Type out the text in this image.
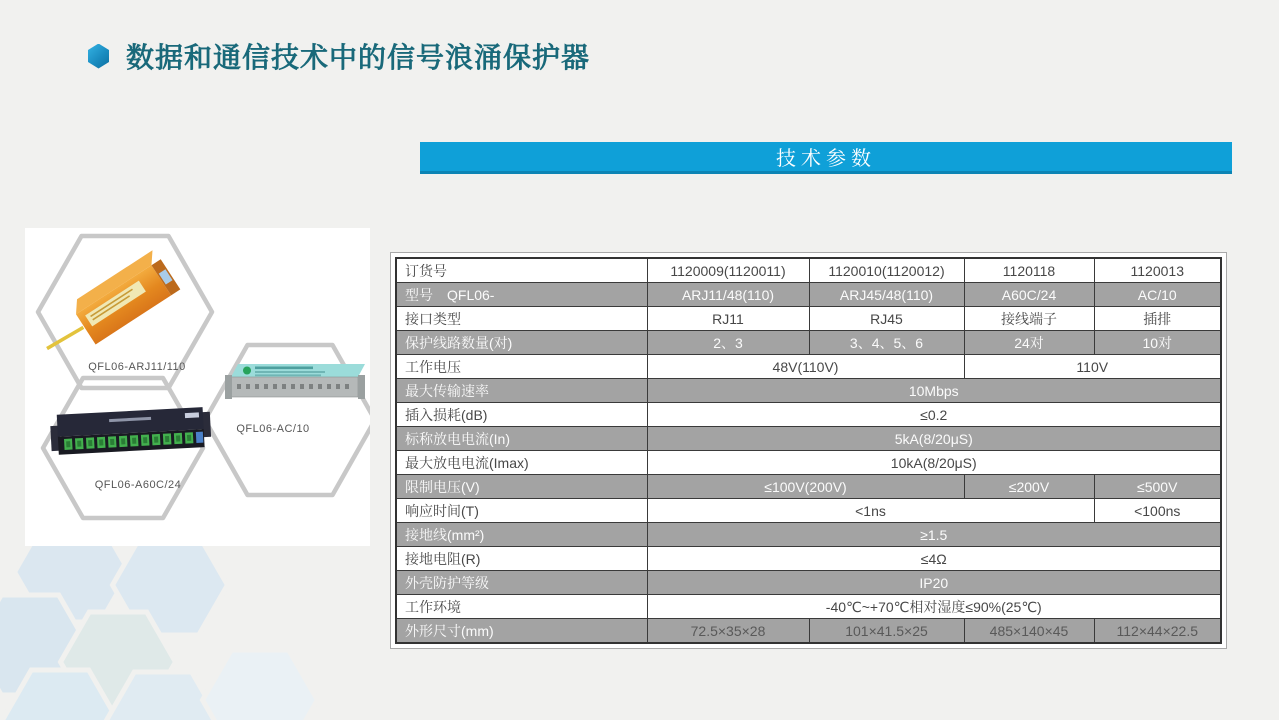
数据和通信技术中的信号浪涌保护器
技术参数
QFL06-ARJ11/110
QFL06-AC/10
QFL06-A60C/24
订货号	1120009(1120011)	1120010(1120012)	1120118	1120013
型号　QFL06-	ARJ11/48(110)	ARJ45/48(110)	A60C/24	AC/10
接口类型	RJ11	RJ45	接线端子	插排
保护线路数量(对)	2、3	3、4、5、6	24对	10对
工作电压	48V(110V)		110V	
最大传输速率	10Mbps			
插入损耗(dB)	≤0.2			
标称放电电流(In)	5kA(8/20μS)			
最大放电电流(Imax)	10kA(8/20μS)			
限制电压(V)	≤100V(200V)		≤200V	≤500V
响应时间(T)	<1ns			<100ns
接地线(mm²)	≥1.5			
接地电阻(R)	≤4Ω			
外壳防护等级	IP20			
工作环境	-40℃~+70℃相对湿度≤90%(25℃)			
外形尺寸(mm)	72.5×35×28	101×41.5×25	485×140×45	112×44×22.5
